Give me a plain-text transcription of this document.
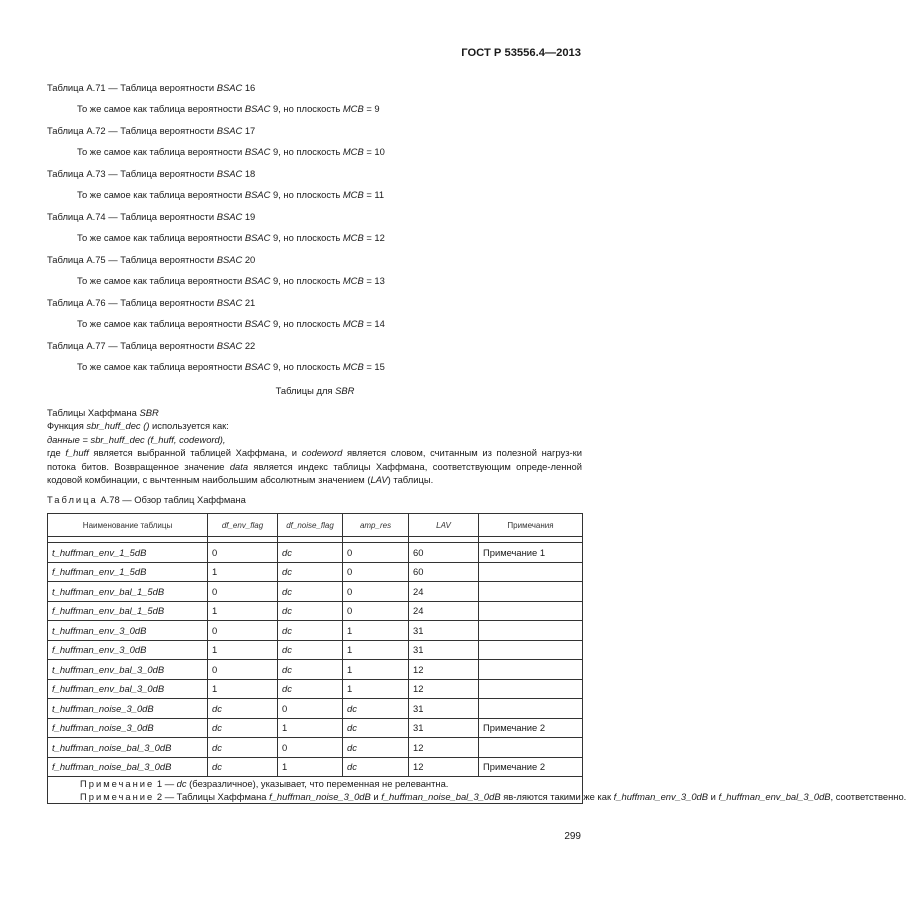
ГОСТ Р 53556.4—2013
Таблица А.71 — Таблица вероятности BSAC 16
То же самое как таблица вероятности BSAC 9, но плоскость MCB = 9
Таблица А.72 — Таблица вероятности BSAC 17
То же самое как таблица вероятности BSAC 9, но плоскость MCB = 10
Таблица А.73 — Таблица вероятности BSAC 18
То же самое как таблица вероятности BSAC 9, но плоскость MCB = 11
Таблица А.74 — Таблица вероятности BSAC 19
То же самое как таблица вероятности BSAC 9, но плоскость MCB = 12
Таблица А.75 — Таблица вероятности BSAC 20
То же самое как таблица вероятности BSAC 9, но плоскость MCB = 13
Таблица А.76 — Таблица вероятности BSAC 21
То же самое как таблица вероятности BSAC 9, но плоскость MCB = 14
Таблица А.77 — Таблица вероятности BSAC 22
То же самое как таблица вероятности BSAC 9, но плоскость MCB = 15
Таблицы для SBR
Таблицы Хаффмана SBR
Функция sbr_huff_dec () используется как:
данные = sbr_huff_dec (f_huff, codeword),
где f_huff является выбранной таблицей Хаффмана, и codeword является словом, считанным из полезной нагруз-ки потока битов. Возвращенное значение data является индекс таблицы Хаффмана, соответствующим опреде-ленной кодовой комбинации, с вычтенным наибольшим абсолютным значением (LAV) таблицы.
Таблица А.78 — Обзор таблиц Хаффмана
Наименование таблицы	df_env_flag	df_noise_flag	amp_res	LAV	Примечания

t_huffman_env_1_5dB	0	dc	0	60	Примечание 1
f_huffman_env_1_5dB	1	dc	0	60	
t_huffman_env_bal_1_5dB	0	dc	0	24	
f_huffman_env_bal_1_5dB	1	dc	0	24	
t_huffman_env_3_0dB	0	dc	1	31	
f_huffman_env_3_0dB	1	dc	1	31	
t_huffman_env_bal_3_0dB	0	dc	1	12	
f_huffman_env_bal_3_0dB	1	dc	1	12	
t_huffman_noise_3_0dB	dc	0	dc	31	
f_huffman_noise_3_0dB	dc	1	dc	31	Примечание 2
t_huffman_noise_bal_3_0dB	dc	0	dc	12	
f_huffman_noise_bal_3_0dB	dc	1	dc	12	Примечание 2

Примечание 1 — dc (безразличное), указывает, что переменная не релевантна.
Примечание 2 — Таблицы Хаффмана f_huffman_noise_3_0dB и f_huffman_noise_bal_3_0dB яв-ляются такими же как f_huffman_env_3_0dB и f_huffman_env_bal_3_0dB, соответственно.					
299
